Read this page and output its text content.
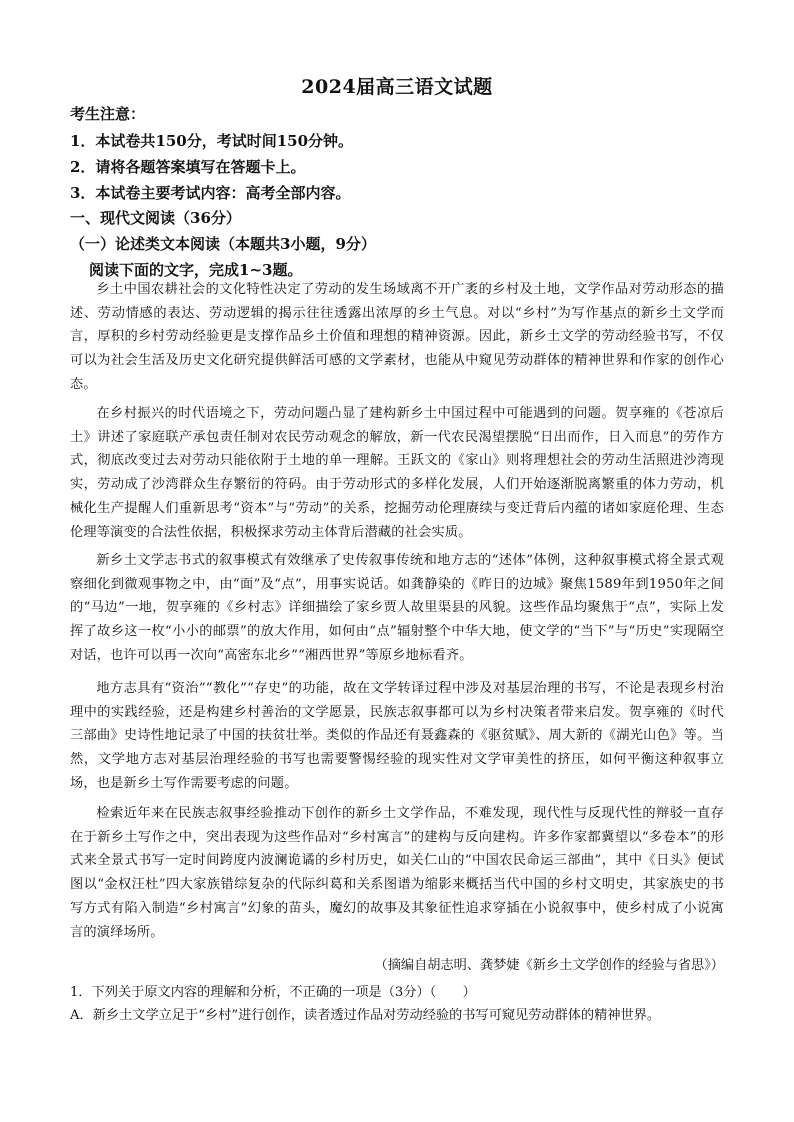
2024届高三语文试题
考生注意：
1．本试卷共150分，考试时间150分钟。
2．请将各题答案填写在答题卡上。
3．本试卷主要考试内容：高考全部内容。
一、现代文阅读（36分）
（一）论述类文本阅读（本题共3小题，9分）
阅读下面的文字，完成1~3题。
乡土中国农耕社会的文化特性决定了劳动的发生场域离不开广袤的乡村及土地，文学作品对劳动形态的描述、劳动情感的表达、劳动逻辑的揭示往往透露出浓厚的乡土气息。对以“乡村”为写作基点的新乡土文学而言，厚积的乡村劳动经验更是支撑作品乡土价值和理想的精神资源。因此，新乡土文学的劳动经验书写，不仅可以为社会生活及历史文化研究提供鲜活可感的文学素材，也能从中窥见劳动群体的精神世界和作家的创作心态。
在乡村振兴的时代语境之下，劳动问题凸显了建构新乡土中国过程中可能遇到的问题。贺享雍的《苍凉后土》讲述了家庭联产承包责任制对农民劳动观念的解放，新一代农民渴望摆脱“日出而作，日入而息”的劳作方式，彻底改变过去对劳动只能依附于土地的单一理解。王跃文的《家山》则将理想社会的劳动生活照进沙湾现实，劳动成了沙湾群众生存繁衍的符码。由于劳动形式的多样化发展，人们开始逐渐脱离繁重的体力劳动，机械化生产提醒人们重新思考“资本”与“劳动”的关系，挖掘劳动伦理赓续与变迁背后内蕴的诸如家庭伦理、生态伦理等演变的合法性依据，积极探求劳动主体背后潜藏的社会实质。
新乡土文学志书式的叙事模式有效继承了史传叙事传统和地方志的“述体”体例，这种叙事模式将全景式观察细化到微观事物之中，由“面”及“点”，用事实说话。如龚静染的《昨日的边城》聚焦1589年到1950年之间的“马边”一地，贺享雍的《乡村志》详细描绘了家乡贾人故里渠县的风貌。这些作品均聚焦于“点”，实际上发挥了故乡这一枚“小小的邮票”的放大作用，如何由“点”辐射整个中华大地，使文学的“当下”与“历史”实现隔空对话，也许可以再一次向“高密东北乡”“湘西世界”等原乡地标看齐。
地方志具有“资治”“教化”“存史”的功能，故在文学转译过程中涉及对基层治理的书写，不论是表现乡村治理中的实践经验，还是构建乡村善治的文学愿景，民族志叙事都可以为乡村决策者带来启发。贺享雍的《时代三部曲》史诗性地记录了中国的扶贫壮举。类似的作品还有聂鑫森的《驱贫赋》、周大新的《湖光山色》等。当然，文学地方志对基层治理经验的书写也需要警惕经验的现实性对文学审美性的挤压，如何平衡这种叙事立场，也是新乡土写作需要考虑的问题。
检索近年来在民族志叙事经验推动下创作的新乡土文学作品，不难发现，现代性与反现代性的辩驳一直存在于新乡土写作之中，突出表现为这些作品对“乡村寓言”的建构与反向建构。许多作家都冀望以“多卷本”的形式来全景式书写一定时间跨度内波澜诡谲的乡村历史，如关仁山的“中国农民命运三部曲”，其中《日头》便试图以“金权汪杜”四大家族错综复杂的代际纠葛和关系图谱为缩影来概括当代中国的乡村文明史，其家族史的书写方式有陷入制造“乡村寓言”幻象的苗头，魔幻的故事及其象征性追求穿插在小说叙事中，使乡村成了小说寓言的演绎场所。
（摘编自胡志明、龚梦婕《新乡土文学创作的经验与省思》）
1．下列关于原文内容的理解和分析，不正确的一项是（3分）（　　）
A．新乡土文学立足于“乡村”进行创作，读者透过作品对劳动经验的书写可窥见劳动群体的精神世界。
